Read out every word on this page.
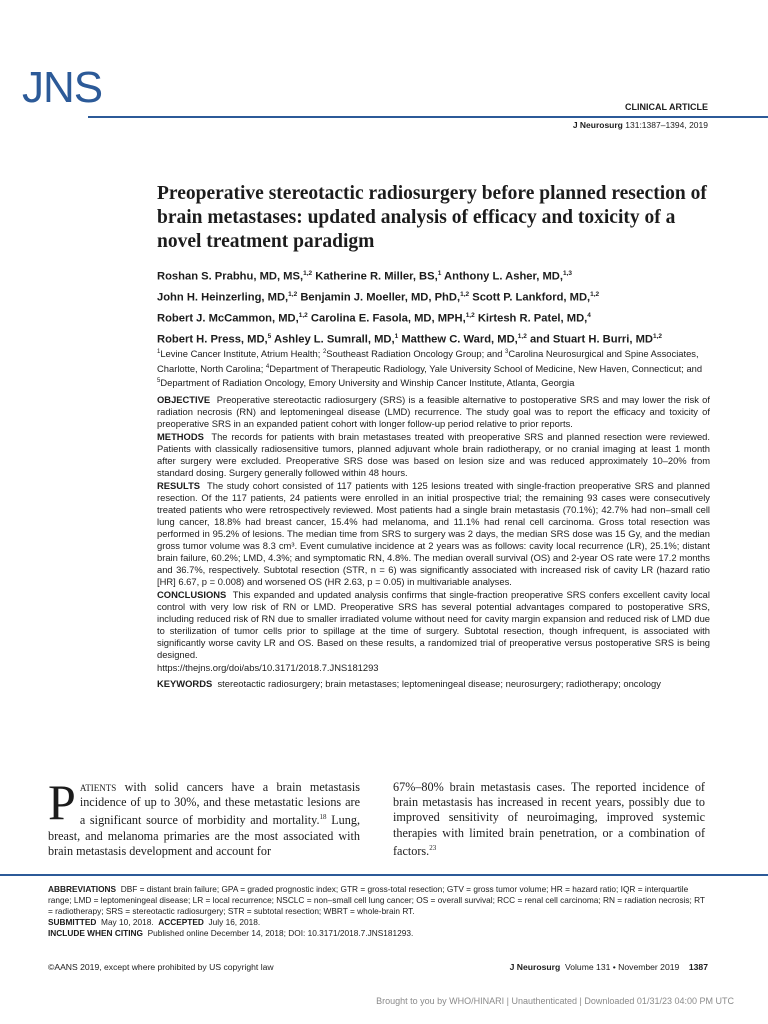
JNS	CLINICAL ARTICLE
J Neurosurg 131:1387–1394, 2019
Preoperative stereotactic radiosurgery before planned resection of brain metastases: updated analysis of efficacy and toxicity of a novel treatment paradigm
Roshan S. Prabhu, MD, MS,$^{1,2}$ Katherine R. Miller, BS,$^1$ Anthony L. Asher, MD,$^{1,3}$
John H. Heinzerling, MD,$^{1,2}$ Benjamin J. Moeller, MD, PhD,$^{1,2}$ Scott P. Lankford, MD,$^{1,2}$
Robert J. McCammon, MD,$^{1,2}$ Carolina E. Fasola, MD, MPH,$^{1,2}$ Kirtesh R. Patel, MD,$^4$
Robert H. Press, MD,$^5$ Ashley L. Sumrall, MD,$^1$ Matthew C. Ward, MD,$^{1,2}$ and Stuart H. Burri, MD$^{1,2}$
$^1$Levine Cancer Institute, Atrium Health; $^2$Southeast Radiation Oncology Group; and $^3$Carolina Neurosurgical and Spine Associates, Charlotte, North Carolina; $^4$Department of Therapeutic Radiology, Yale University School of Medicine, New Haven, Connecticut; and $^5$Department of Radiation Oncology, Emory University and Winship Cancer Institute, Atlanta, Georgia

OBJECTIVE Preoperative stereotactic radiosurgery (SRS) is a feasible alternative to postoperative SRS and may lower the risk of radiation necrosis (RN) and leptomeningeal disease (LMD) recurrence. The study goal was to report the efficacy and toxicity of preoperative SRS in an expanded patient cohort with longer follow-up period relative to prior reports.

METHODS The records for patients with brain metastases treated with preoperative SRS and planned resection were reviewed. Patients with classically radiosensitive tumors, planned adjuvant whole brain radiotherapy, or no cranial imaging at least 1 month after surgery were excluded. Preoperative SRS dose was based on lesion size and was reduced approximately 10–20% from standard dosing. Surgery generally followed within 48 hours.

RESULTS The study cohort consisted of 117 patients with 125 lesions treated with single-fraction preoperative SRS and planned resection. Of the 117 patients, 24 patients were enrolled in an initial prospective trial; the remaining 93 cases were consecutively treated patients who were retrospectively reviewed. Most patients had a single brain metastasis (70.1%); 42.7% had non–small cell lung cancer, 18.8% had breast cancer, 15.4% had melanoma, and 11.1% had renal cell carcinoma. Gross total resection was performed in 95.2% of lesions. The median time from SRS to surgery was 2 days, the median SRS dose was 15 Gy, and the median gross tumor volume was 8.3 cm³. Event cumulative incidence at 2 years was as follows: cavity local recurrence (LR), 25.1%; distant brain failure, 60.2%; LMD, 4.3%; and symptomatic RN, 4.8%. The median overall survival (OS) and 2-year OS rate were 17.2 months and 36.7%, respectively. Subtotal resection (STR, n = 6) was significantly associated with increased risk of cavity LR (hazard ratio [HR] 6.67, p = 0.008) and worsened OS (HR 2.63, p = 0.05) in multivariable analyses.

CONCLUSIONS This expanded and updated analysis confirms that single-fraction preoperative SRS confers excellent cavity local control with very low risk of RN or LMD. Preoperative SRS has several potential advantages compared to postoperative SRS, including reduced risk of RN due to smaller irradiated volume without need for cavity margin expansion and reduced risk of LMD due to sterilization of tumor cells prior to spillage at the time of surgery. Subtotal resection, though infrequent, is associated with significantly worse cavity LR and OS. Based on these results, a randomized trial of preoperative versus postoperative SRS is being designed.

https://thejns.org/doi/abs/10.3171/2018.7.JNS181293
KEYWORDS stereotactic radiosurgery; brain metastases; leptomeningeal disease; neurosurgery; radiotherapy; oncology
Patients with solid cancers have a brain metastasis incidence of up to 30%, and these metastatic lesions are a significant source of morbidity and mortality.$^{18}$ Lung, breast, and melanoma primaries are the most associated with brain metastasis development and account for
67%–80% brain metastasis cases. The reported incidence of brain metastasis has increased in recent years, possibly due to improved sensitivity of neuroimaging, improved systemic therapies with limited brain penetration, or a combination of factors.$^{23}$
ABBREVIATIONS DBF = distant brain failure; GPA = graded prognostic index; GTR = gross-total resection; GTV = gross tumor volume; HR = hazard ratio; IQR = interquartile range; LMD = leptomeningeal disease; LR = local recurrence; NSCLC = non–small cell lung cancer; OS = overall survival; RCC = renal cell carcinoma; RN = radiation necrosis; RT = radiotherapy; SRS = stereotactic radiosurgery; STR = subtotal resection; WBRT = whole-brain RT.
SUBMITTED May 10, 2018. ACCEPTED July 16, 2018.
INCLUDE WHEN CITING Published online December 14, 2018; DOI: 10.3171/2018.7.JNS181293.
©AANS 2019, except where prohibited by US copyright law	J Neurosurg Volume 131 • November 2019 1387
Brought to you by WHO/HINARI | Unauthenticated | Downloaded 01/31/23 04:00 PM UTC
